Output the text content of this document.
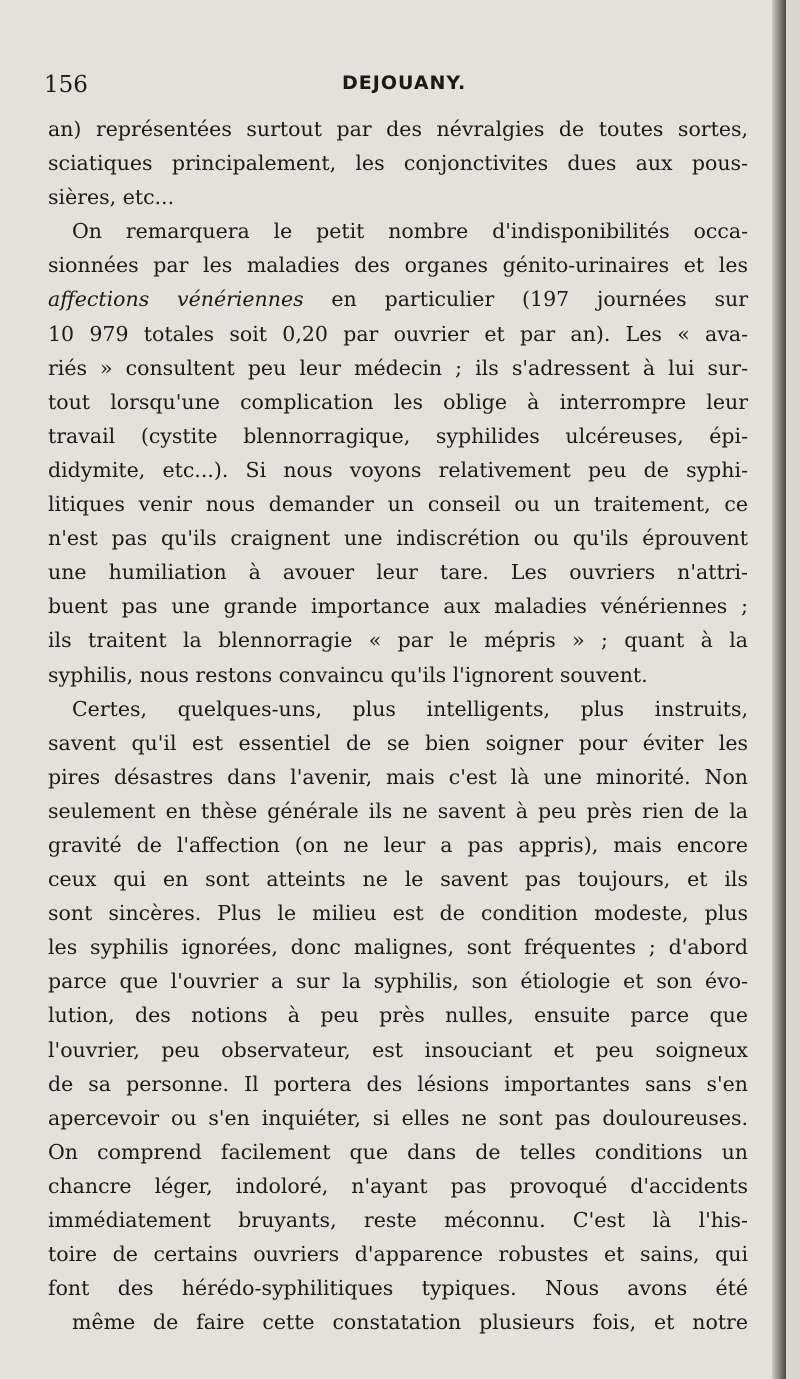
156	DEJOUANY.
an) représentées surtout par des névralgies de toutes sortes,
sciatiques principalement, les conjonctivites dues aux pous-
sières, etc...
On remarquera le petit nombre d'indisponibilités occa-
sionnées par les maladies des organes génito-urinaires et les
affections vénériennes en particulier (197 journées sur
10 979 totales soit 0,20 par ouvrier et par an). Les « ava-
riés » consultent peu leur médecin ; ils s'adressent à lui sur-
tout lorsqu'une complication les oblige à interrompre leur
travail (cystite blennorragique, syphilides ulcéreuses, épi-
didymite, etc...). Si nous voyons relativement peu de syphi-
litiques venir nous demander un conseil ou un traitement, ce
n'est pas qu'ils craignent une indiscrétion ou qu'ils éprouvent
une humiliation à avouer leur tare. Les ouvriers n'attri-
buent pas une grande importance aux maladies vénériennes ;
ils traitent la blennorragie « par le mépris » ; quant à la
syphilis, nous restons convaincu qu'ils l'ignorent souvent.
Certes, quelques-uns, plus intelligents, plus instruits,
savent qu'il est essentiel de se bien soigner pour éviter les
pires désastres dans l'avenir, mais c'est là une minorité. Non
seulement en thèse générale ils ne savent à peu près rien de la
gravité de l'affection (on ne leur a pas appris), mais encore
ceux qui en sont atteints ne le savent pas toujours, et ils
sont sincères. Plus le milieu est de condition modeste, plus
les syphilis ignorées, donc malignes, sont fréquentes ; d'abord
parce que l'ouvrier a sur la syphilis, son étiologie et son évo-
lution, des notions à peu près nulles, ensuite parce que
l'ouvrier, peu observateur, est insouciant et peu soigneux
de sa personne. Il portera des lésions importantes sans s'en
apercevoir ou s'en inquiéter, si elles ne sont pas douloureuses.
On comprend facilement que dans de telles conditions un
chancre léger, indoloré, n'ayant pas provoqué d'accidents
immédiatement bruyants, reste méconnu. C'est là l'his-
toire de certains ouvriers d'apparence robustes et sains, qui
font des hérédo-syphilitiques typiques. Nous avons été
même de faire cette constatation plusieurs fois, et notre
